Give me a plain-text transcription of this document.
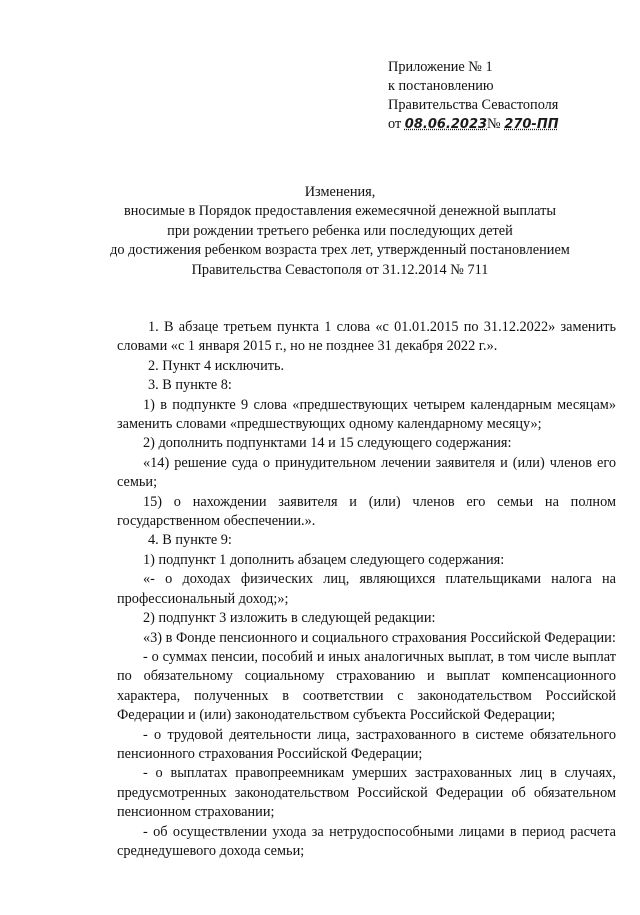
Приложение № 1
к постановлению
Правительства Севастополя
от 08.06.2023№ 270-ПП
Изменения,
вносимые в Порядок предоставления ежемесячной денежной выплаты
при рождении третьего ребенка или последующих детей
до достижения ребенком возраста трех лет, утвержденный постановлением
Правительства Севастополя от 31.12.2014 № 711

1. В абзаце третьем пункта 1 слова «с 01.01.2015 по 31.12.2022» заменить словами «с 1 января 2015 г., но не позднее 31 декабря 2022 г.».

2. Пункт 4 исключить.

3. В пункте 8:

1) в подпункте 9 слова «предшествующих четырем календарным месяцам» заменить словами «предшествующих одному календарному месяцу»;

2) дополнить подпунктами 14 и 15 следующего содержания:

«14) решение суда о принудительном лечении заявителя и (или) членов его семьи;

15) о нахождении заявителя и (или) членов его семьи на полном государственном обеспечении.».

4. В пункте 9:

1) подпункт 1 дополнить абзацем следующего содержания:

«- о доходах физических лиц, являющихся плательщиками налога на профессиональный доход;»;

2) подпункт 3 изложить в следующей редакции:

«3) в Фонде пенсионного и социального страхования Российской Федерации:

- о суммах пенсии, пособий и иных аналогичных выплат, в том числе выплат по обязательному социальному страхованию и выплат компенсационного характера, полученных в соответствии с законодательством Российской Федерации и (или) законодательством субъекта Российской Федерации;

- о трудовой деятельности лица, застрахованного в системе обязательного пенсионного страхования Российской Федерации;

- о выплатах правопреемникам умерших застрахованных лиц в случаях, предусмотренных законодательством Российской Федерации об обязательном пенсионном страховании;

- об осуществлении ухода за нетрудоспособными лицами в период расчета среднедушевого дохода семьи;
